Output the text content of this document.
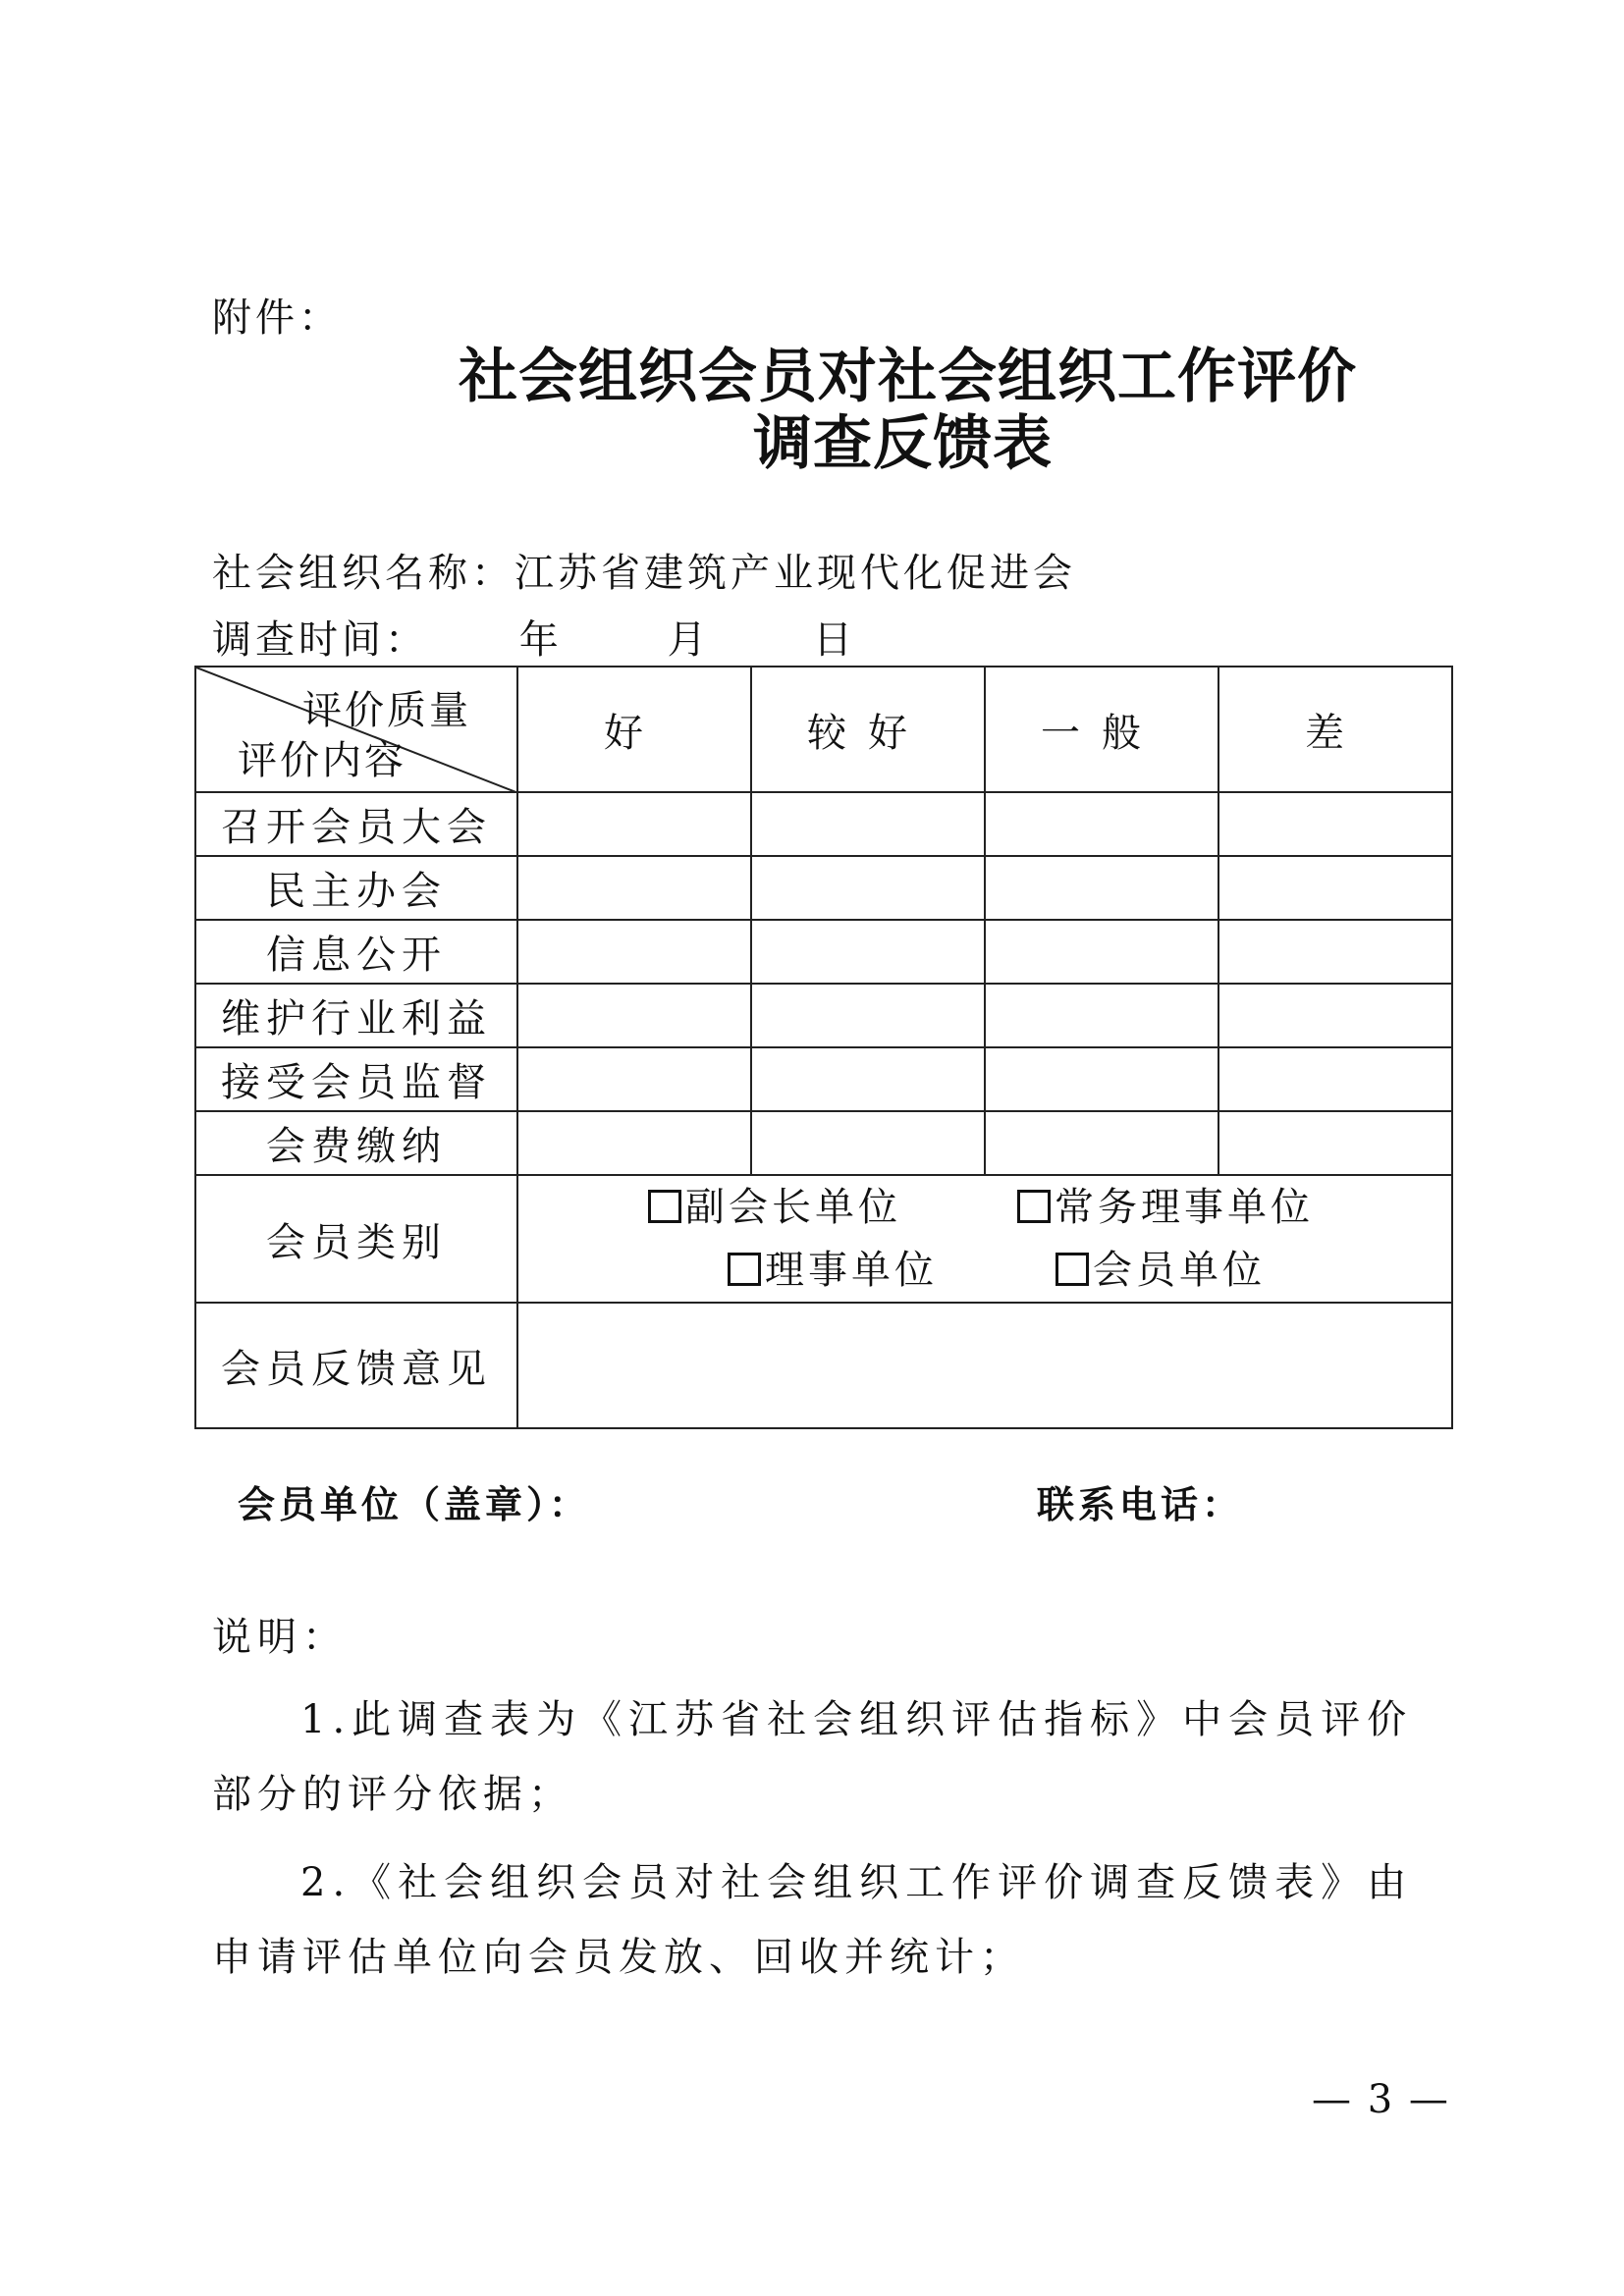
附件：
社会组织会员对社会组织工作评价
调查反馈表
社会组织名称：江苏省建筑产业现代化促进会
调查时间： 年	月	日
评价质量
评价内容	好	较好	一般	差
召开会员大会				
民主办会				
信息公开				
维护行业利益				
接受会员监督				
会费缴纳				
会员类别	副会长单位 常务理事单位
理事单位 会员单位			

会员反馈意见				
会员单位（盖章）：	联系电话：
说明：
1.此调查表为《江苏省社会组织评估指标》中会员评价
部分的评分依据；
2.《社会组织会员对社会组织工作评价调查反馈表》由
申请评估单位向会员发放、回收并统计；
— 3 —
